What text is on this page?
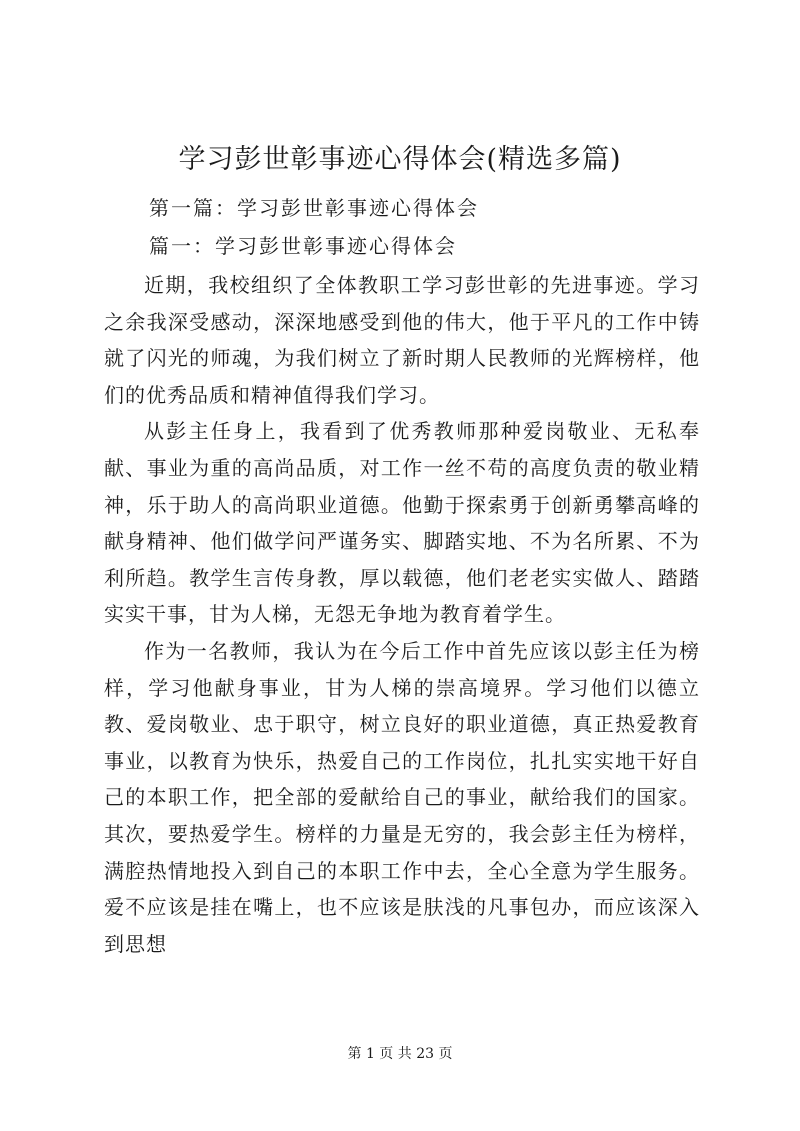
学习彭世彰事迹心得体会(精选多篇)

第一篇：学习彭世彰事迹心得体会

篇一：学习彭世彰事迹心得体会

近期，我校组织了全体教职工学习彭世彰的先进事迹。学习之余我深受感动，深深地感受到他的伟大，他于平凡的工作中铸就了闪光的师魂，为我们树立了新时期人民教师的光辉榜样，他们的优秀品质和精神值得我们学习。

从彭主任身上，我看到了优秀教师那种爱岗敬业、无私奉献、事业为重的高尚品质，对工作一丝不苟的高度负责的敬业精神，乐于助人的高尚职业道德。他勤于探索勇于创新勇攀高峰的献身精神、他们做学问严谨务实、脚踏实地、不为名所累、不为利所趋。教学生言传身教，厚以载德，他们老老实实做人、踏踏实实干事，甘为人梯，无怨无争地为教育着学生。

作为一名教师，我认为在今后工作中首先应该以彭主任为榜样，学习他献身事业，甘为人梯的崇高境界。学习他们以德立教、爱岗敬业、忠于职守，树立良好的职业道德，真正热爱教育事业，以教育为快乐，热爱自己的工作岗位，扎扎实实地干好自己的本职工作，把全部的爱献给自己的事业，献给我们的国家。其次，要热爱学生。榜样的力量是无穷的，我会彭主任为榜样，满腔热情地投入到自己的本职工作中去，全心全意为学生服务。爱不应该是挂在嘴上，也不应该是肤浅的凡事包办，而应该深入到思想

第 1 页 共 23 页
